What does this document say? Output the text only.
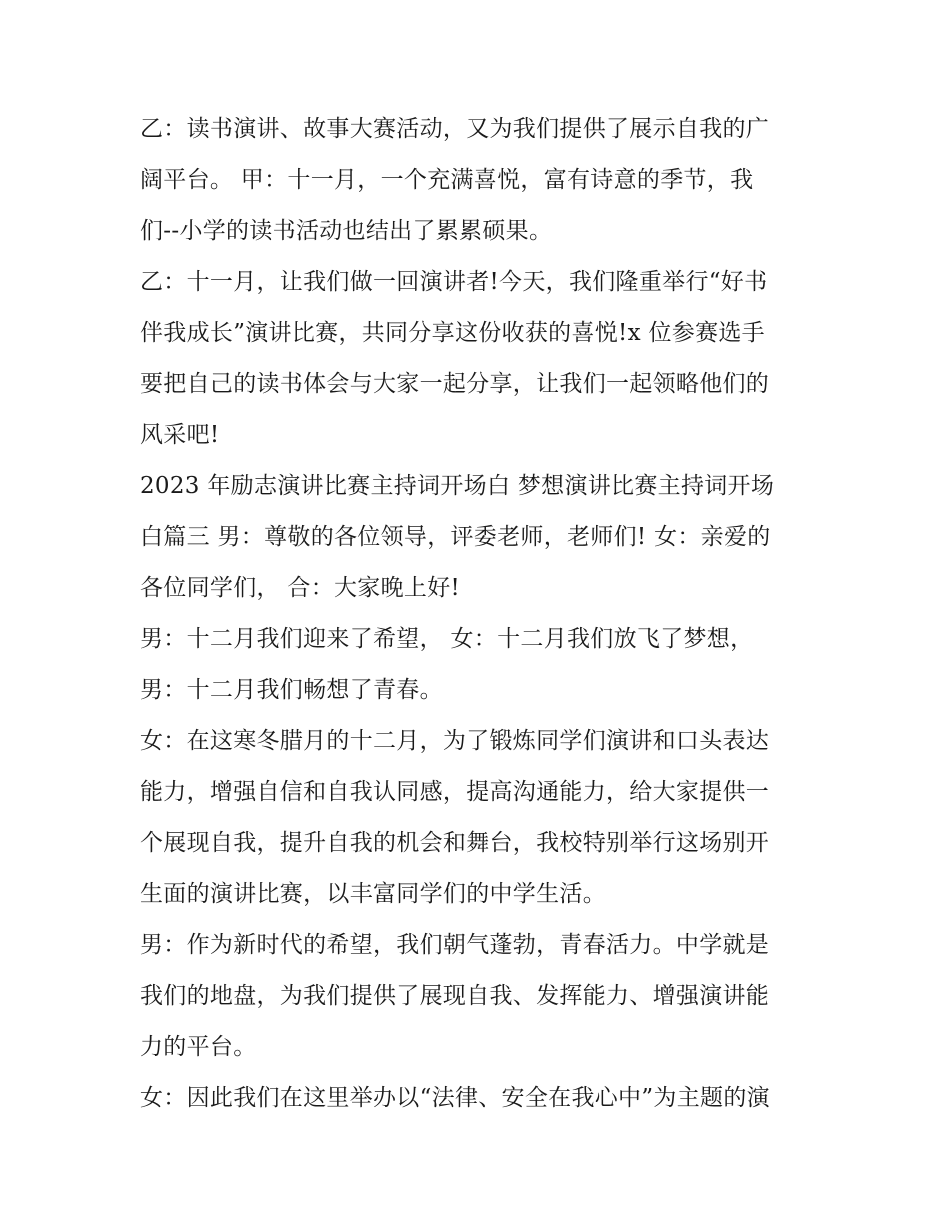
乙：读书演讲、故事大赛活动，又为我们提供了展示自我的广
阔平台。 甲：十一月，一个充满喜悦，富有诗意的季节，我
们--小学的读书活动也结出了累累硕果。
乙：十一月，让我们做一回演讲者!今天，我们隆重举行“好书
伴我成长”演讲比赛，共同分享这份收获的喜悦!x 位参赛选手
要把自己的读书体会与大家一起分享，让我们一起领略他们的
风采吧!
2023 年励志演讲比赛主持词开场白 梦想演讲比赛主持词开场
白篇三 男：尊敬的各位领导，评委老师，老师们! 女：亲爱的
各位同学们， 合：大家晚上好!
男：十二月我们迎来了希望， 女：十二月我们放飞了梦想，
男：十二月我们畅想了青春。
女：在这寒冬腊月的十二月，为了锻炼同学们演讲和口头表达
能力，增强自信和自我认同感，提高沟通能力，给大家提供一
个展现自我，提升自我的机会和舞台，我校特别举行这场别开
生面的演讲比赛，以丰富同学们的中学生活。
男：作为新时代的希望，我们朝气蓬勃，青春活力。中学就是
我们的地盘，为我们提供了展现自我、发挥能力、增强演讲能
力的平台。
女：因此我们在这里举办以“法律、安全在我心中”为主题的演
